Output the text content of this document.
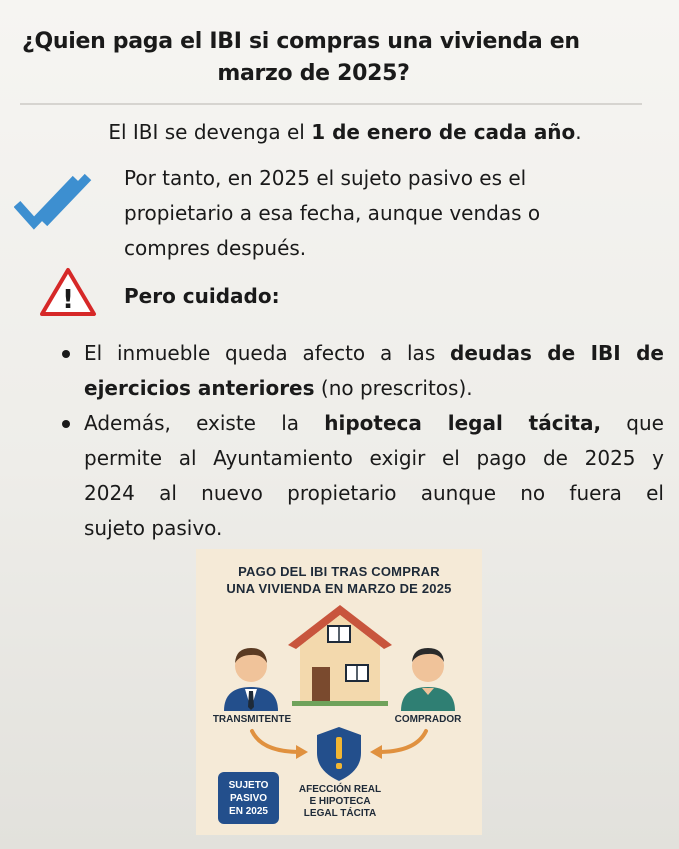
¿Quien paga el IBI si compras una vivienda en
marzo de 2025?
El IBI se devenga el 1 de enero de cada año.
Por tanto, en 2025 el sujeto pasivo es el
propietario a esa fecha, aunque vendas o
compres después.
!	Pero cuidado:
El inmueble queda afecto a las deudas de IBI de
ejercicios anteriores (no prescritos).
Además, existe la hipoteca legal tácita, que
permite al Ayuntamiento exigir el pago de 2025 y
2024 al nuevo propietario aunque no fuera el
sujeto pasivo.
PAGO DEL IBI TRAS COMPRAR
UNA VIVIENDA EN MARZO DE 2025
TRANSMITENTE	COMPRADOR
SUJETO
PASIVO
EN 2025
AFECCIÓN REAL
E HIPOTECA
LEGAL TÁCITA
